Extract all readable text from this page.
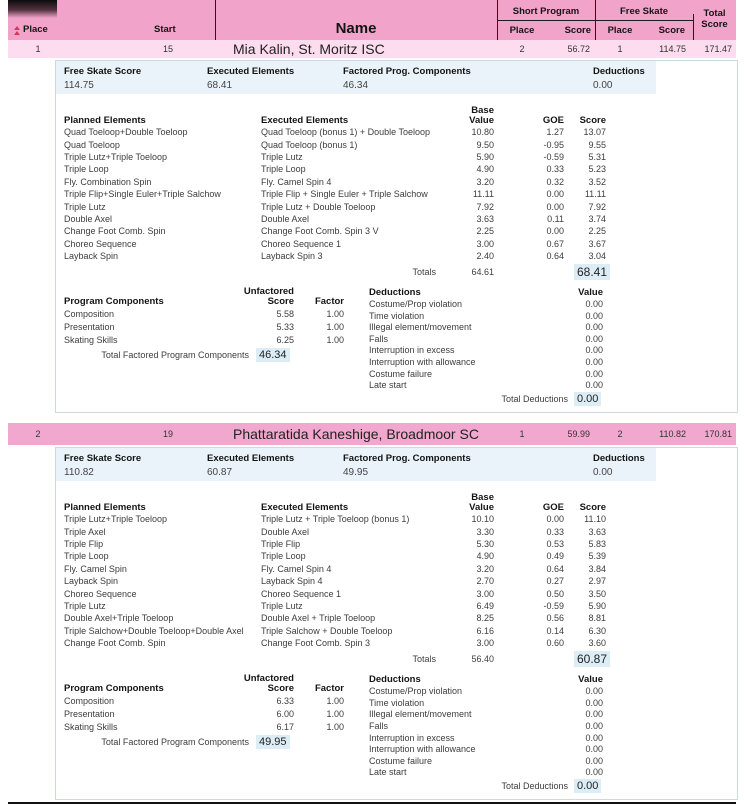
Place	Start	Name
Short Program	Free Skate
Place	Score	Place	Score
Total
Score
1	15	Mia Kalin, St. Moritz ISC	2	56.72	1	114.75	171.47
Free Skate Score
114.75
Executed Elements
68.41
Factored Prog. Components
46.34
Deductions
0.00
Planned Elements	Executed Elements
Base
Value	GOE	Score
Quad Toeloop+Double Toeloop	Quad Toeloop (bonus 1) + Double Toeloop	10.80	1.27	13.07
Quad Toeloop	Quad Toeloop (bonus 1)	9.50	-0.95	9.55
Triple Lutz+Triple Toeloop	Triple Lutz	5.90	-0.59	5.31
Triple Loop	Triple Loop	4.90	0.33	5.23
Fly. Combination Spin	Fly. Camel Spin 4	3.20	0.32	3.52
Triple Flip+Single Euler+Triple Salchow	Triple Flip + Single Euler + Triple Salchow	11.11	0.00	11.11
Triple Lutz	Triple Lutz + Double Toeloop	7.92	0.00	7.92
Double Axel	Double Axel	3.63	0.11	3.74
Change Foot Comb. Spin	Change Foot Comb. Spin 3 V	2.25	0.00	2.25
Choreo Sequence	Choreo Sequence 1	3.00	0.67	3.67
Layback Spin	Layback Spin 3	2.40	0.64	3.04
Totals	64.61	68.41
Program Components
Unfactored
Score	Factor
Composition	5.58	1.00
Presentation	5.33	1.00
Skating Skills	6.25	1.00
Total Factored Program Components 46.34
Deductions	Value
Costume/Prop violation	0.00
Time violation	0.00
Illegal element/movement	0.00
Falls	0.00
Interruption in excess	0.00
Interruption with allowance	0.00
Costume failure	0.00
Late start	0.00
Total Deductions 0.00
2	19	Phattaratida Kaneshige, Broadmoor SC	1	59.99	2	110.82	170.81
Free Skate Score
110.82
Executed Elements
60.87
Factored Prog. Components
49.95
Deductions
0.00
Planned Elements	Executed Elements
Base
Value	GOE	Score
Triple Lutz+Triple Toeloop	Triple Lutz + Triple Toeloop (bonus 1)	10.10	0.00	11.10
Triple Axel	Double Axel	3.30	0.33	3.63
Triple Flip	Triple Flip	5.30	0.53	5.83
Triple Loop	Triple Loop	4.90	0.49	5.39
Fly. Camel Spin	Fly. Camel Spin 4	3.20	0.64	3.84
Layback Spin	Layback Spin 4	2.70	0.27	2.97
Choreo Sequence	Choreo Sequence 1	3.00	0.50	3.50
Triple Lutz	Triple Lutz	6.49	-0.59	5.90
Double Axel+Triple Toeloop	Double Axel + Triple Toeloop	8.25	0.56	8.81
Triple Salchow+Double Toeloop+Double Axel	Triple Salchow + Double Toeloop	6.16	0.14	6.30
Change Foot Comb. Spin	Change Foot Comb. Spin 3	3.00	0.60	3.60
Totals	56.40	60.87
Program Components
Unfactored
Score	Factor
Composition	6.33	1.00
Presentation	6.00	1.00
Skating Skills	6.17	1.00
Total Factored Program Components 49.95
Deductions	Value
Costume/Prop violation	0.00
Time violation	0.00
Illegal element/movement	0.00
Falls	0.00
Interruption in excess	0.00
Interruption with allowance	0.00
Costume failure	0.00
Late start	0.00
Total Deductions 0.00
